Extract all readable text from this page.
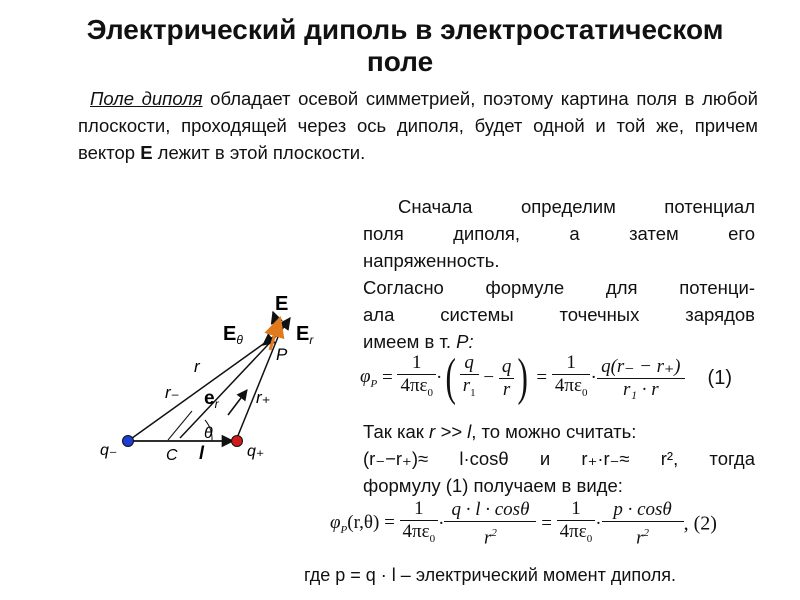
Электрический диполь в электростатическом
поле
Поле диполя обладает осевой симметрией, поэтому картина поля в любой плоскости, проходящей через ось диполя, будет одной и той же, причем вектор E лежит в этой плоскости.
Сначала определим потенциал
поля диполя, а затем его
напряженность.
Согласно формуле для потенци-
ала системы точечных зарядов
имеем в т. P:
$\varphi_P = \frac{1}{4\pi\varepsilon_0}$ ·( $\frac{q}{r_1} - \frac{q}{r}$ ) = $\frac{1}{4\pi\varepsilon_0} \cdot \frac{q(r_- - r_+)}{\text{r₁ · r}} (1)$
Так как r >> l, то можно считать:
(r₋−r₊)≈ l·cosθ и r₊·r₋≈ r², тогда
формулу (1) получаем в виде:
$\varphi_P(r,\theta) = \frac{1}{4\pi\varepsilon_0} \cdot \frac{q \cdot l \cdot \cos\theta}{r^2} = \frac{1}{4\pi\varepsilon_0} \cdot \frac{p \cdot \cos\theta}{r^2}$ , (2)
где p = q · l – электрический момент диполя.
E
$E_\theta$	$E_r$
P
r
r₋	r₊
$e_r$
θ
q₋	q₊
C l
